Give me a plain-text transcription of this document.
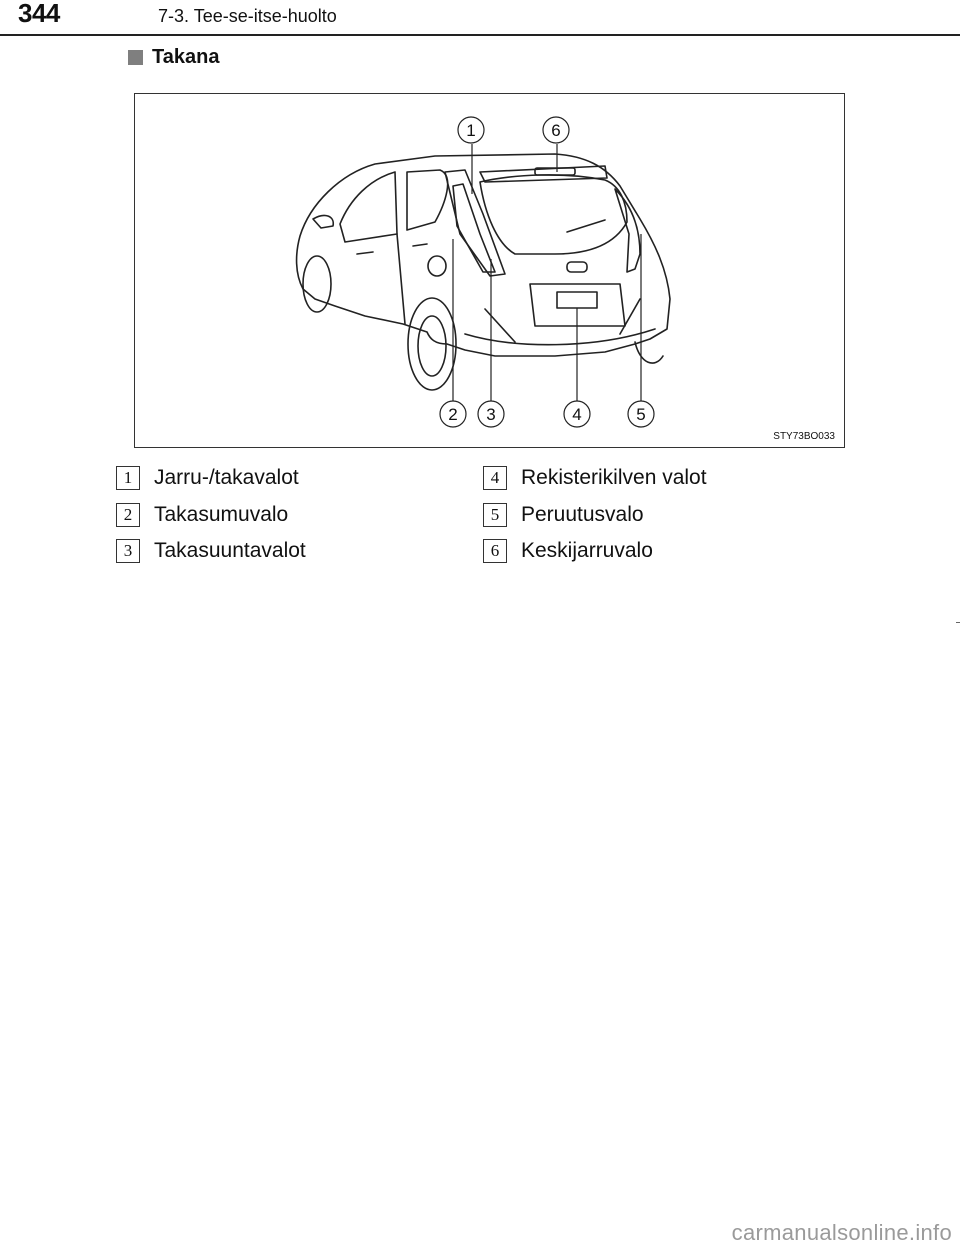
344	7-3. Tee-se-itse-huolto
Takana
1	6
2 3	4	5
STY73BO033
1	Jarru-/takavalot
2	Takasumuvalo
3	Takasuuntavalot
4	Rekisterikilven valot
5	Peruutusvalo
6	Keskijarruvalo
carmanualsonline.info
